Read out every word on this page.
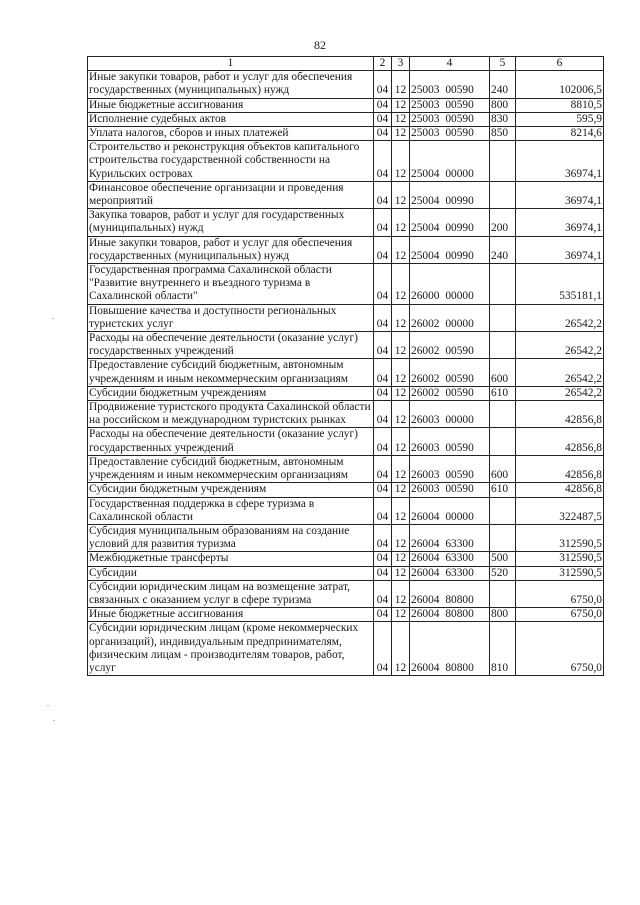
82
1	2	3	4	5	6
Иные закупки товаров, работ и услуг для обеспечения государственных (муниципальных) нужд	04	12	25003 00590	240	102006,5
Иные бюджетные ассигнования	04	12	25003 00590	800	8810,5
Исполнение судебных актов	04	12	25003 00590	830	595,9
Уплата налогов, сборов и иных платежей	04	12	25003 00590	850	8214,6
Строительство и реконструкция объектов капитального строительства государственной собственности на Курильских островах	04	12	25004 00000		36974,1
Финансовое обеспечение организации и проведения мероприятий	04	12	25004 00990		36974,1
Закупка товаров, работ и услуг для государственных (муниципальных) нужд	04	12	25004 00990	200	36974,1
Иные закупки товаров, работ и услуг для обеспечения государственных (муниципальных) нужд	04	12	25004 00990	240	36974,1
Государственная программа Сахалинской области "Развитие внутреннего и въездного туризма в Сахалинской области"	04	12	26000 00000		535181,1
Повышение качества и доступности региональных туристских услуг	04	12	26002 00000		26542,2
Расходы на обеспечение деятельности (оказание услуг) государственных учреждений	04	12	26002 00590		26542,2
Предоставление субсидий бюджетным, автономным учреждениям и иным некоммерческим организациям	04	12	26002 00590	600	26542,2
Субсидии бюджетным учреждениям	04	12	26002 00590	610	26542,2
Продвижение туристского продукта Сахалинской области на российском и международном туристских рынках	04	12	26003 00000		42856,8
Расходы на обеспечение деятельности (оказание услуг) государственных учреждений	04	12	26003 00590		42856,8
Предоставление субсидий бюджетным, автономным учреждениям и иным некоммерческим организациям	04	12	26003 00590	600	42856,8
Субсидии бюджетным учреждениям	04	12	26003 00590	610	42856,8
Государственная поддержка в сфере туризма в Сахалинской области	04	12	26004 00000		322487,5
Субсидия муниципальным образованиям на создание условий для развития туризма	04	12	26004 63300		312590,5
Межбюджетные трансферты	04	12	26004 63300	500	312590,5
Субсидии	04	12	26004 63300	520	312590,5
Субсидии юридическим лицам на возмещение затрат, связанных с оказанием услуг в сфере туризма	04	12	26004 80800		6750,0
Иные бюджетные ассигнования	04	12	26004 80800	800	6750,0
Субсидии юридическим лицам (кроме некоммерческих организаций), индивидуальным предпринимателям, физическим лицам - производителям товаров, работ, услуг	04	12	26004 80800	810	6750,0
